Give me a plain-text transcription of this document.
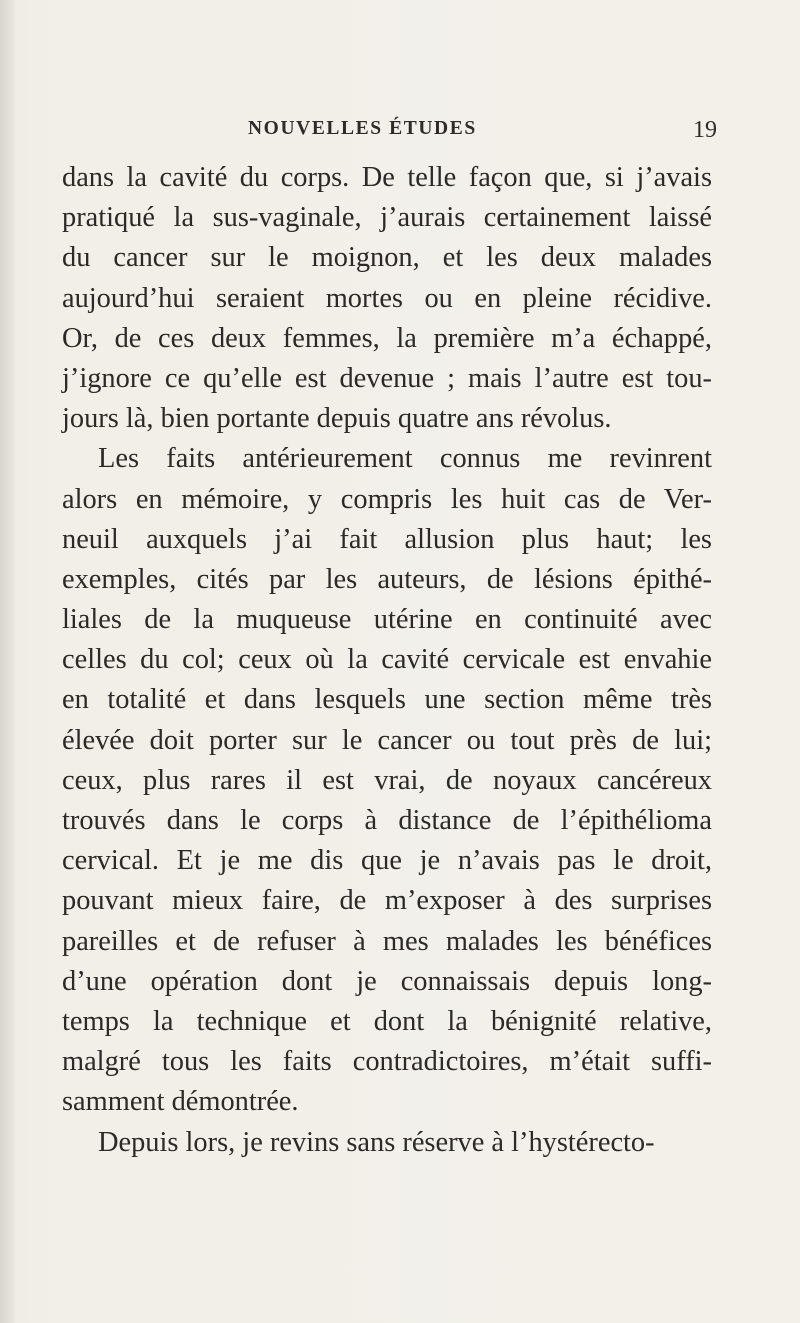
NOUVELLES ÉTUDES	19
dans la cavité du corps. De telle façon que, si j’avais
pratiqué la sus-vaginale, j’aurais certainement laissé
du cancer sur le moignon, et les deux malades
aujourd’hui seraient mortes ou en pleine récidive.
Or, de ces deux femmes, la première m’a échappé,
j’ignore ce qu’elle est devenue ; mais l’autre est tou-
jours là, bien portante depuis quatre ans révolus.
Les faits antérieurement connus me revinrent
alors en mémoire, y compris les huit cas de Ver-
neuil auxquels j’ai fait allusion plus haut; les
exemples, cités par les auteurs, de lésions épithé-
liales de la muqueuse utérine en continuité avec
celles du col; ceux où la cavité cervicale est envahie
en totalité et dans lesquels une section même très
élevée doit porter sur le cancer ou tout près de lui;
ceux, plus rares il est vrai, de noyaux cancéreux
trouvés dans le corps à distance de l’épithélioma
cervical. Et je me dis que je n’avais pas le droit,
pouvant mieux faire, de m’exposer à des surprises
pareilles et de refuser à mes malades les bénéfices
d’une opération dont je connaissais depuis long-
temps la technique et dont la bénignité relative,
malgré tous les faits contradictoires, m’était suffi-
samment démontrée.
Depuis lors, je revins sans réserve à l’hystérecto-
